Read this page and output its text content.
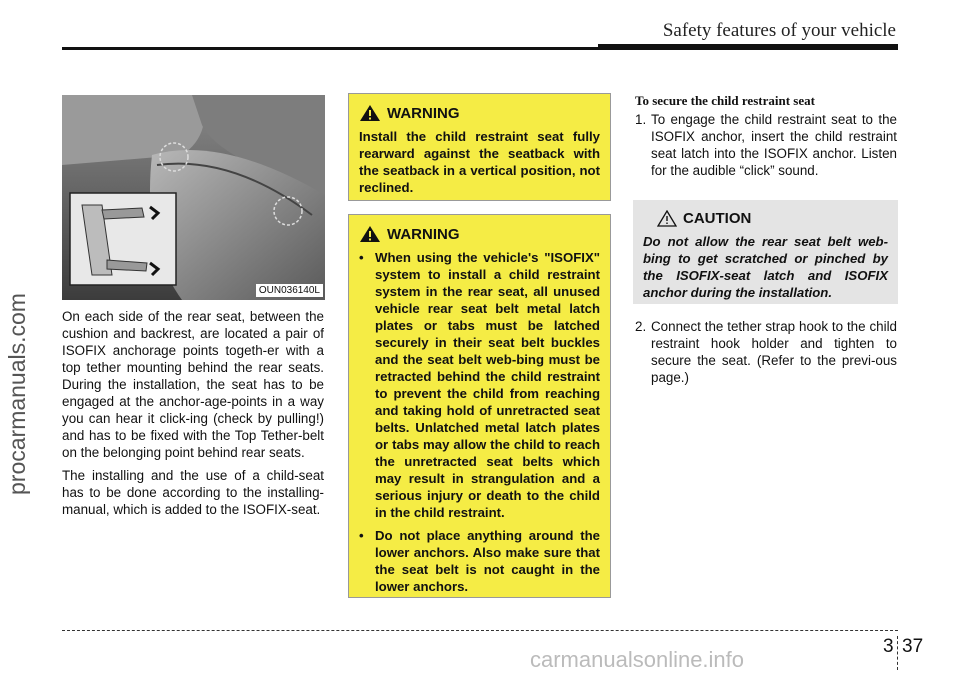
Safety features of your vehicle
procarmanuals.com
OUN036140L

On each side of the rear seat, between the cushion and backrest, are located a pair of ISOFIX anchorage points togeth-er with a top tether mounting behind the rear seats. During the installation, the seat has to be engaged at the anchor-age-points in a way you can hear it click-ing (check by pulling!) and has to be fixed with the Top Tether-belt on the belonging point behind rear seats.

The installing and the use of a child-seat has to be done according to the installing-manual, which is added to the ISOFIX-seat.

WARNING
Install the child restraint seat fully rearward against the seatback with the seatback in a vertical position, not reclined.
WARNING
• When using the vehicle's "ISOFIX" system to install a child restraint system in the rear seat, all unused vehicle rear seat belt metal latch plates or tabs must be latched securely in their seat belt buckles and the seat belt web-bing must be retracted behind the child restraint to prevent the child from reaching and taking hold of unretracted seat belts. Unlatched metal latch plates or tabs may allow the child to reach the unretracted seat belts which may result in strangulation and a serious injury or death to the child in the child restraint.
• Do not place anything around the lower anchors. Also make sure that the seat belt is not caught in the lower anchors.
To secure the child restraint seat
1. To engage the child restraint seat to the ISOFIX anchor, insert the child restraint seat latch into the ISOFIX anchor. Listen for the audible “click” sound.
CAUTION
Do not allow the rear seat belt web-bing to get scratched or pinched by the ISOFIX-seat latch and ISOFIX anchor during the installation.
2. Connect the tether strap hook to the child restraint hook holder and tighten to secure the seat. (Refer to the previ-ous page.)
3 37
carmanualsonline.info
